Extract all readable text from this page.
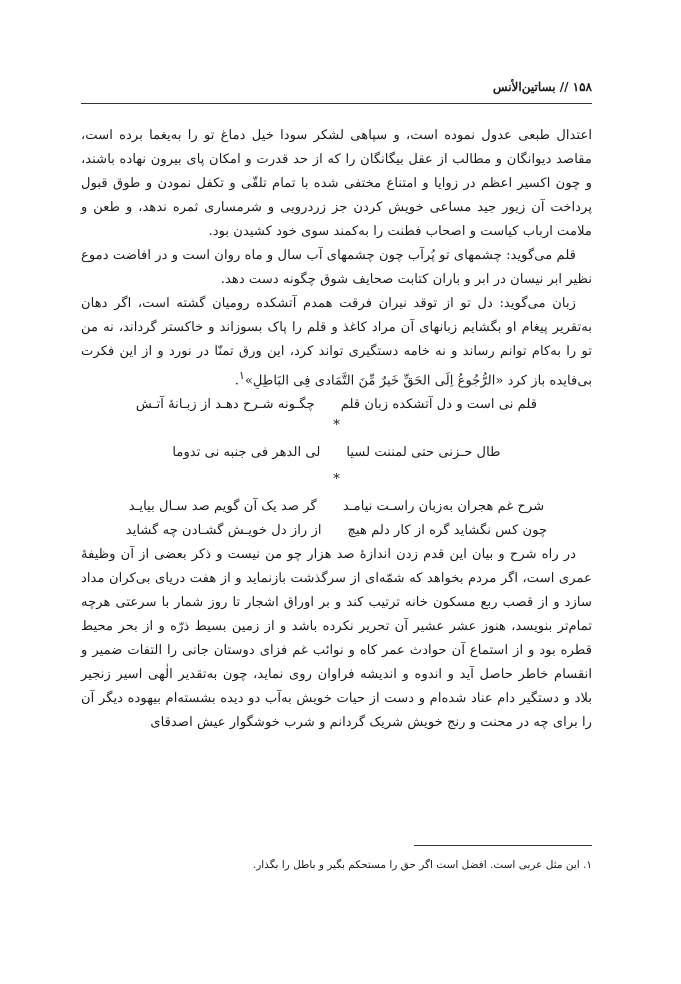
۱۵۸ // بساتین‌الأنس

اعتدال طبعی عدول نموده است، و سپاهی لشکر سودا خیل دماغ تو را به‌یغما برده است، مقاصد دیوانگان و مطالب از عقل بیگانگان را که از حد قدرت و امکان پای بیرون نهاده باشند، و چون اکسیر اعظم در زوایا و امتناع مختفی شده با تمام تلقّی و تکفل نمودن و طوق قبول پرداخت آن زیور جید مساعی خویش کردن جز زردرویی و شرمساری ثمره ندهد، و طعن و ملامت ارباب کیاست و اصحاب فطنت را به‌کمند سوی خود کشیدن بود.

قلم می‌گوید: چشمهای تو پُرآب چون چشمهای آب سال و ماه روان است و در افاضت دموع نظیر ابر نیسان در ابر و باران کتابت صحایف شوق چگونه دست دهد.

زبان می‌گوید: دل تو از توقد نیران فرقت همدم آتشکده رومیان گشته است، اگر دهان به‌تقریر پیغام او بگشایم زبانهای آن مراد کاغذ و قلم را پاک بسوزاند و خاکستر گرداند، نه من تو را به‌کام توانم رساند و نه خامه دستگیری تواند کرد، این ورق تمنّا در نورد و از این فکرت بی‌فایده باز کرد «الرُّجُوعُ اِلَی الحَقِّ خَیرٌ مِّنَ التَّمَادی فِی البَاطِلِ»$^۱$.

قلم نی است و دل آتشکده زبان قلم
چگـونه شـرح دهـد از زبـانهٔ آتـش
*
طال حـزنی حتی لمننت لسیا
لی الدهر فی جنبه نی تدوما
*
شرح غم هجران به‌زبان راسـت نیامـد
گر صد یک آن گویم صد سـال بیایـد
چون کس نگشاید گره از کار دلم هیچ
از راز دل خویـش گشـادن چه گشاید

در راه شرح و بیان این قدم زدن اندازهٔ صد هزار چو من نیست و ذکر بعضی از آن وظیفهٔ عمری است، اگر مردم بخواهد که شمّه‌ای از سرگذشت بازنماید و از هفت دریای بی‌کران مداد سازد و از قصب ربع مسکون خانه ترتیب کند و بر اوراق اشجار تا روز شمار با سرعتی هرچه تمام‌تر بنویسد، هنوز عشر عشیر آن تحریر نکرده باشد و از زمین بسیط ذرّه و از بحر محیط قطره بود و از استماع آن حوادث عمر کاه و نوائب غم فزای دوستان جانی را التفات ضمیر و انقسام خاطر حاصل آید و اندوه و اندیشه فراوان روی نماید، چون به‌تقدیر الٰهی اسیر زنجیر بلاد و دستگیر دام عناد شده‌ام و دست از حیات خویش به‌آب دو دیده بشسته‌ام بیهوده دیگر آن را برای چه در محنت و رنج خویش شریک گردانم و شرب خوشگوار عیش اصدقای

۱. این مثل عربی است. افضل است اگر حق را مستحکم بگیر و باطل را بگذار.
